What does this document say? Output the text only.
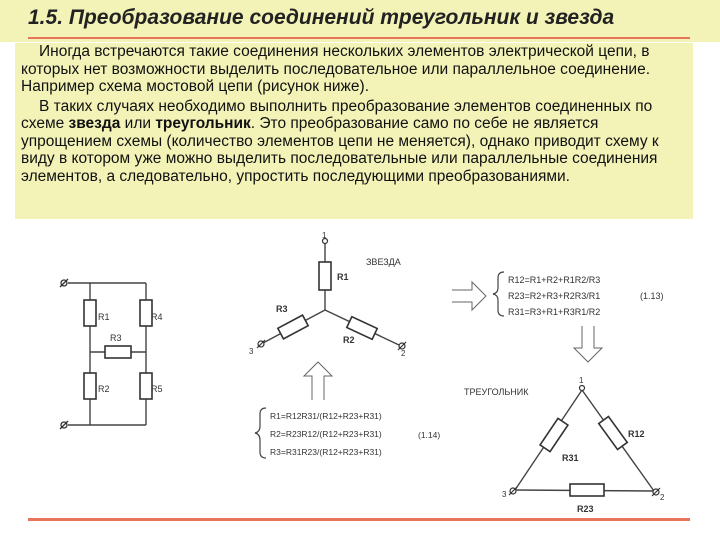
1.5. Преобразование соединений треугольник и звезда

Иногда встречаются такие соединения нескольких элементов электрической цепи, в которых нет возможности выделить последовательное или параллельное соединение. Например схема мостовой цепи (рисунок ниже).

В таких случаях необходимо выполнить преобразование элементов соединенных по схеме звезда или треугольник. Это преобразование само по себе не является упрощением схемы (количество элементов цепи не меняется), однако приводит схему к виду в котором уже можно выделить последовательные или параллельные соединения элементов, а следовательно, упростить последующими преобразованиями.

R1	R4
R3
R2	R5
1
3	2
R1
R3
R2
ЗВЕЗДА
R12=R1+R2+R1R2/R3
R23=R2+R3+R2R3/R1
R31=R3+R1+R3R1/R2
(1.13)
R1=R12R31/(R12+R23+R31)
R2=R23R12/(R12+R23+R31)
R3=R31R23/(R12+R23+R31)
(1.14)
1
3	2
R31
R12
R23
ТРЕУГОЛЬНИК
